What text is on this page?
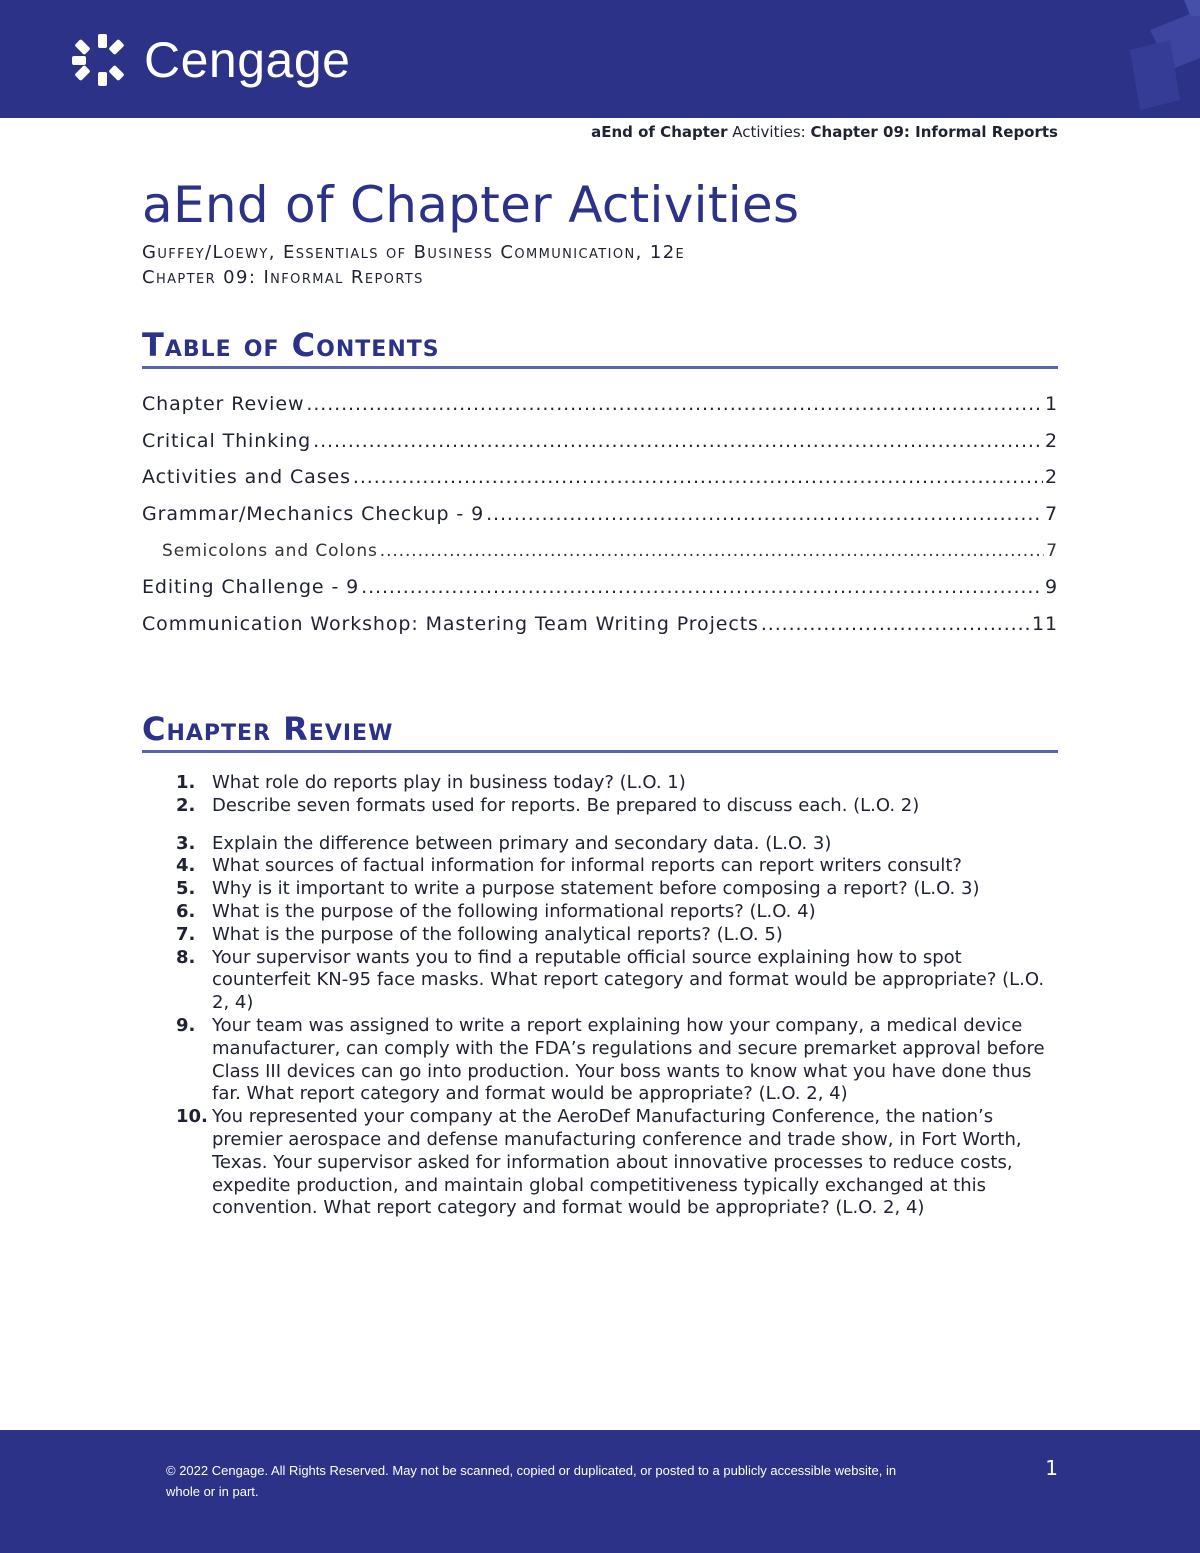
Cengage
aEnd of Chapter Activities: Chapter 09: Informal Reports
aEnd of Chapter Activities
Guffey/Loewy, Essentials of Business Communication, 12e
Chapter 09: Informal Reports
Table of Contents
Chapter Review .....	1
Critical Thinking .....	2
Activities and Cases .....	2
Grammar/Mechanics Checkup - 9 .....	7
Semicolons and Colons .....	7
Editing Challenge - 9 .....	9
Communication Workshop: Mastering Team Writing Projects .....	11
Chapter Review
1. What role do reports play in business today? (L.O. 1)
2. Describe seven formats used for reports. Be prepared to discuss each. (L.O. 2)
3. Explain the difference between primary and secondary data. (L.O. 3)
4. What sources of factual information for informal reports can report writers consult?
5. Why is it important to write a purpose statement before composing a report? (L.O. 3)
6. What is the purpose of the following informational reports? (L.O. 4)
7. What is the purpose of the following analytical reports? (L.O. 5)
8. Your supervisor wants you to find a reputable official source explaining how to spot counterfeit KN-95 face masks. What report category and format would be appropriate? (L.O. 2, 4)
9. Your team was assigned to write a report explaining how your company, a medical device manufacturer, can comply with the FDA’s regulations and secure premarket approval before Class III devices can go into production. Your boss wants to know what you have done thus far. What report category and format would be appropriate? (L.O. 2, 4)
10. You represented your company at the AeroDef Manufacturing Conference, the nation’s premier aerospace and defense manufacturing conference and trade show, in Fort Worth, Texas. Your supervisor asked for information about innovative processes to reduce costs, expedite production, and maintain global competitiveness typically exchanged at this convention. What report category and format would be appropriate? (L.O. 2, 4)
© 2022 Cengage. All Rights Reserved. May not be scanned, copied or duplicated, or posted to a publicly accessible website, in whole or in part.
1
